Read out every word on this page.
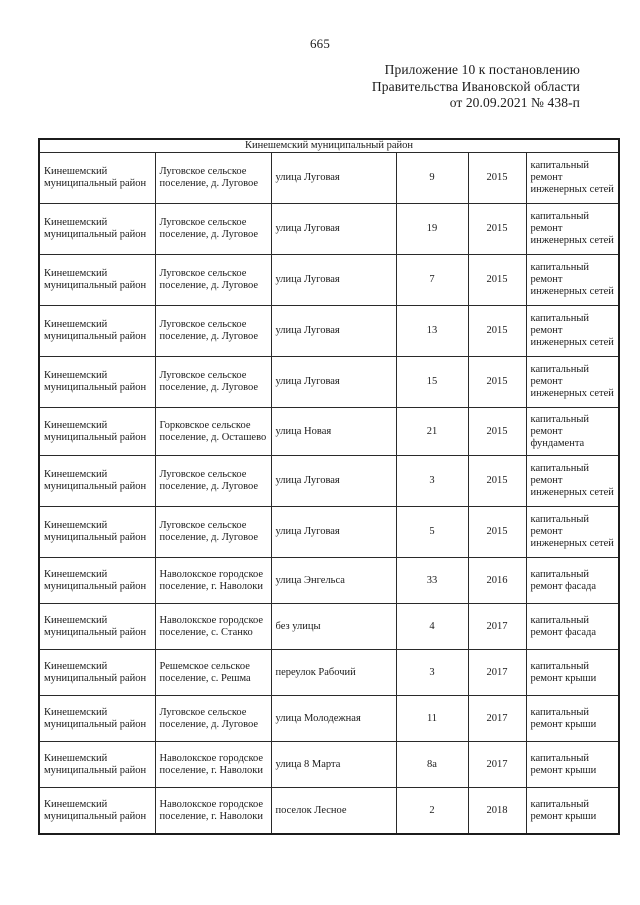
665
Приложение 10 к постановлению
Правительства Ивановской области
от 20.09.2021 № 438-п
Кинешемский муниципальный район					
Кинешемский муниципальный район	Луговское сельское поселение, д. Луговое	улица Луговая	9	2015	капитальный ремонт инженерных сетей
Кинешемский муниципальный район	Луговское сельское поселение, д. Луговое	улица Луговая	19	2015	капитальный ремонт инженерных сетей
Кинешемский муниципальный район	Луговское сельское поселение, д. Луговое	улица Луговая	7	2015	капитальный ремонт инженерных сетей
Кинешемский муниципальный район	Луговское сельское поселение, д. Луговое	улица Луговая	13	2015	капитальный ремонт инженерных сетей
Кинешемский муниципальный район	Луговское сельское поселение, д. Луговое	улица Луговая	15	2015	капитальный ремонт инженерных сетей
Кинешемский муниципальный район	Горковское сельское поселение, д. Осташево	улица Новая	21	2015	капитальный ремонт фундамента
Кинешемский муниципальный район	Луговское сельское поселение, д. Луговое	улица Луговая	3	2015	капитальный ремонт инженерных сетей
Кинешемский муниципальный район	Луговское сельское поселение, д. Луговое	улица Луговая	5	2015	капитальный ремонт инженерных сетей
Кинешемский муниципальный район	Наволокское городское поселение, г. Наволоки	улица Энгельса	33	2016	капитальный ремонт фасада
Кинешемский муниципальный район	Наволокское городское поселение, с. Станко	без улицы	4	2017	капитальный ремонт фасада
Кинешемский муниципальный район	Решемское сельское поселение, с. Решма	переулок Рабочий	3	2017	капитальный ремонт крыши
Кинешемский муниципальный район	Луговское сельское поселение, д. Луговое	улица Молодежная	11	2017	капитальный ремонт крыши
Кинешемский муниципальный район	Наволокское городское поселение, г. Наволоки	улица 8 Марта	8а	2017	капитальный ремонт крыши
Кинешемский муниципальный район	Наволокское городское поселение, г. Наволоки	поселок Лесное	2	2018	капитальный ремонт крыши
